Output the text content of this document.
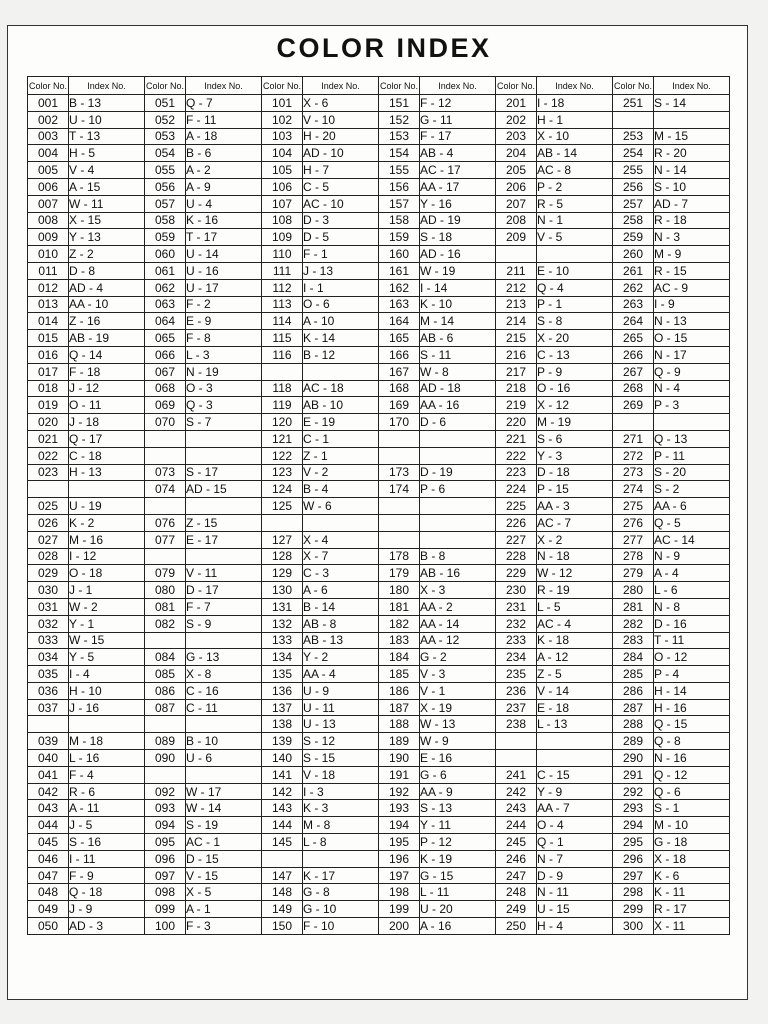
COLOR INDEX
Color No.	Index No.	Color No.	Index No.	Color No.	Index No.	Color No.	Index No.	Color No.	Index No.	Color No.	Index No.
001	B - 13	051	Q - 7	101	X - 6	151	F - 12	201	I - 18	251	S - 14
002	U - 10	052	F - 11	102	V - 10	152	G - 11	202	H - 1		
003	T - 13	053	A - 18	103	H - 20	153	F - 17	203	X - 10	253	M - 15
004	H - 5	054	B - 6	104	AD - 10	154	AB - 4	204	AB - 14	254	R - 20
005	V - 4	055	A - 2	105	H - 7	155	AC - 17	205	AC - 8	255	N - 14
006	A - 15	056	A - 9	106	C - 5	156	AA - 17	206	P - 2	256	S - 10
007	W - 11	057	U - 4	107	AC - 10	157	Y - 16	207	R - 5	257	AD - 7
008	X - 15	058	K - 16	108	D - 3	158	AD - 19	208	N - 1	258	R - 18
009	Y - 13	059	T - 17	109	D - 5	159	S - 18	209	V - 5	259	N - 3
010	Z - 2	060	U - 14	110	F - 1	160	AD - 16			260	M - 9
011	D - 8	061	U - 16	111	J - 13	161	W - 19	211	E - 10	261	R - 15
012	AD - 4	062	U - 17	112	I - 1	162	I - 14	212	Q - 4	262	AC - 9
013	AA - 10	063	F - 2	113	O - 6	163	K - 10	213	P - 1	263	I - 9
014	Z - 16	064	E - 9	114	A - 10	164	M - 14	214	S - 8	264	N - 13
015	AB - 19	065	F - 8	115	K - 14	165	AB - 6	215	X - 20	265	O - 15
016	Q - 14	066	L - 3	116	B - 12	166	S - 11	216	C - 13	266	N - 17
017	F - 18	067	N - 19			167	W - 8	217	P - 9	267	Q - 9
018	J - 12	068	O - 3	118	AC - 18	168	AD - 18	218	O - 16	268	N - 4
019	O - 11	069	Q - 3	119	AB - 10	169	AA - 16	219	X - 12	269	P - 3
020	J - 18	070	S - 7	120	E - 19	170	D - 6	220	M - 19		
021	Q - 17			121	C - 1			221	S - 6	271	Q - 13
022	C - 18			122	Z - 1			222	Y - 3	272	P - 11
023	H - 13	073	S - 17	123	V - 2	173	D - 19	223	D - 18	273	S - 20
		074	AD - 15	124	B - 4	174	P - 6	224	P - 15	274	S - 2
025	U - 19			125	W - 6			225	AA - 3	275	AA - 6
026	K - 2	076	Z - 15					226	AC - 7	276	Q - 5
027	M - 16	077	E - 17	127	X - 4			227	X - 2	277	AC - 14
028	I - 12			128	X - 7	178	B - 8	228	N - 18	278	N - 9
029	O - 18	079	V - 11	129	C - 3	179	AB - 16	229	W - 12	279	A - 4
030	J - 1	080	D - 17	130	A - 6	180	X - 3	230	R - 19	280	L - 6
031	W - 2	081	F - 7	131	B - 14	181	AA - 2	231	L - 5	281	N - 8
032	Y - 1	082	S - 9	132	AB - 8	182	AA - 14	232	AC - 4	282	D - 16
033	W - 15			133	AB - 13	183	AA - 12	233	K - 18	283	T - 11
034	Y - 5	084	G - 13	134	Y - 2	184	G - 2	234	A - 12	284	O - 12
035	I - 4	085	X - 8	135	AA - 4	185	V - 3	235	Z - 5	285	P - 4
036	H - 10	086	C - 16	136	U - 9	186	V - 1	236	V - 14	286	H - 14
037	J - 16	087	C - 11	137	U - 11	187	X - 19	237	E - 18	287	H - 16
				138	U - 13	188	W - 13	238	L - 13	288	Q - 15
039	M - 18	089	B - 10	139	S - 12	189	W - 9			289	Q - 8
040	L - 16	090	U - 6	140	S - 15	190	E - 16			290	N - 16
041	F - 4			141	V - 18	191	G - 6	241	C - 15	291	Q - 12
042	R - 6	092	W - 17	142	I - 3	192	AA - 9	242	Y - 9	292	Q - 6
043	A - 11	093	W - 14	143	K - 3	193	S - 13	243	AA - 7	293	S - 1
044	J - 5	094	S - 19	144	M - 8	194	Y - 11	244	O - 4	294	M - 10
045	S - 16	095	AC - 1	145	L - 8	195	P - 12	245	Q - 1	295	G - 18
046	I - 11	096	D - 15			196	K - 19	246	N - 7	296	X - 18
047	F - 9	097	V - 15	147	K - 17	197	G - 15	247	D - 9	297	K - 6
048	Q - 18	098	X - 5	148	G - 8	198	L - 11	248	N - 11	298	K - 11
049	J - 9	099	A - 1	149	G - 10	199	U - 20	249	U - 15	299	R - 17
050	AD - 3	100	F - 3	150	F - 10	200	A - 16	250	H - 4	300	X - 11
